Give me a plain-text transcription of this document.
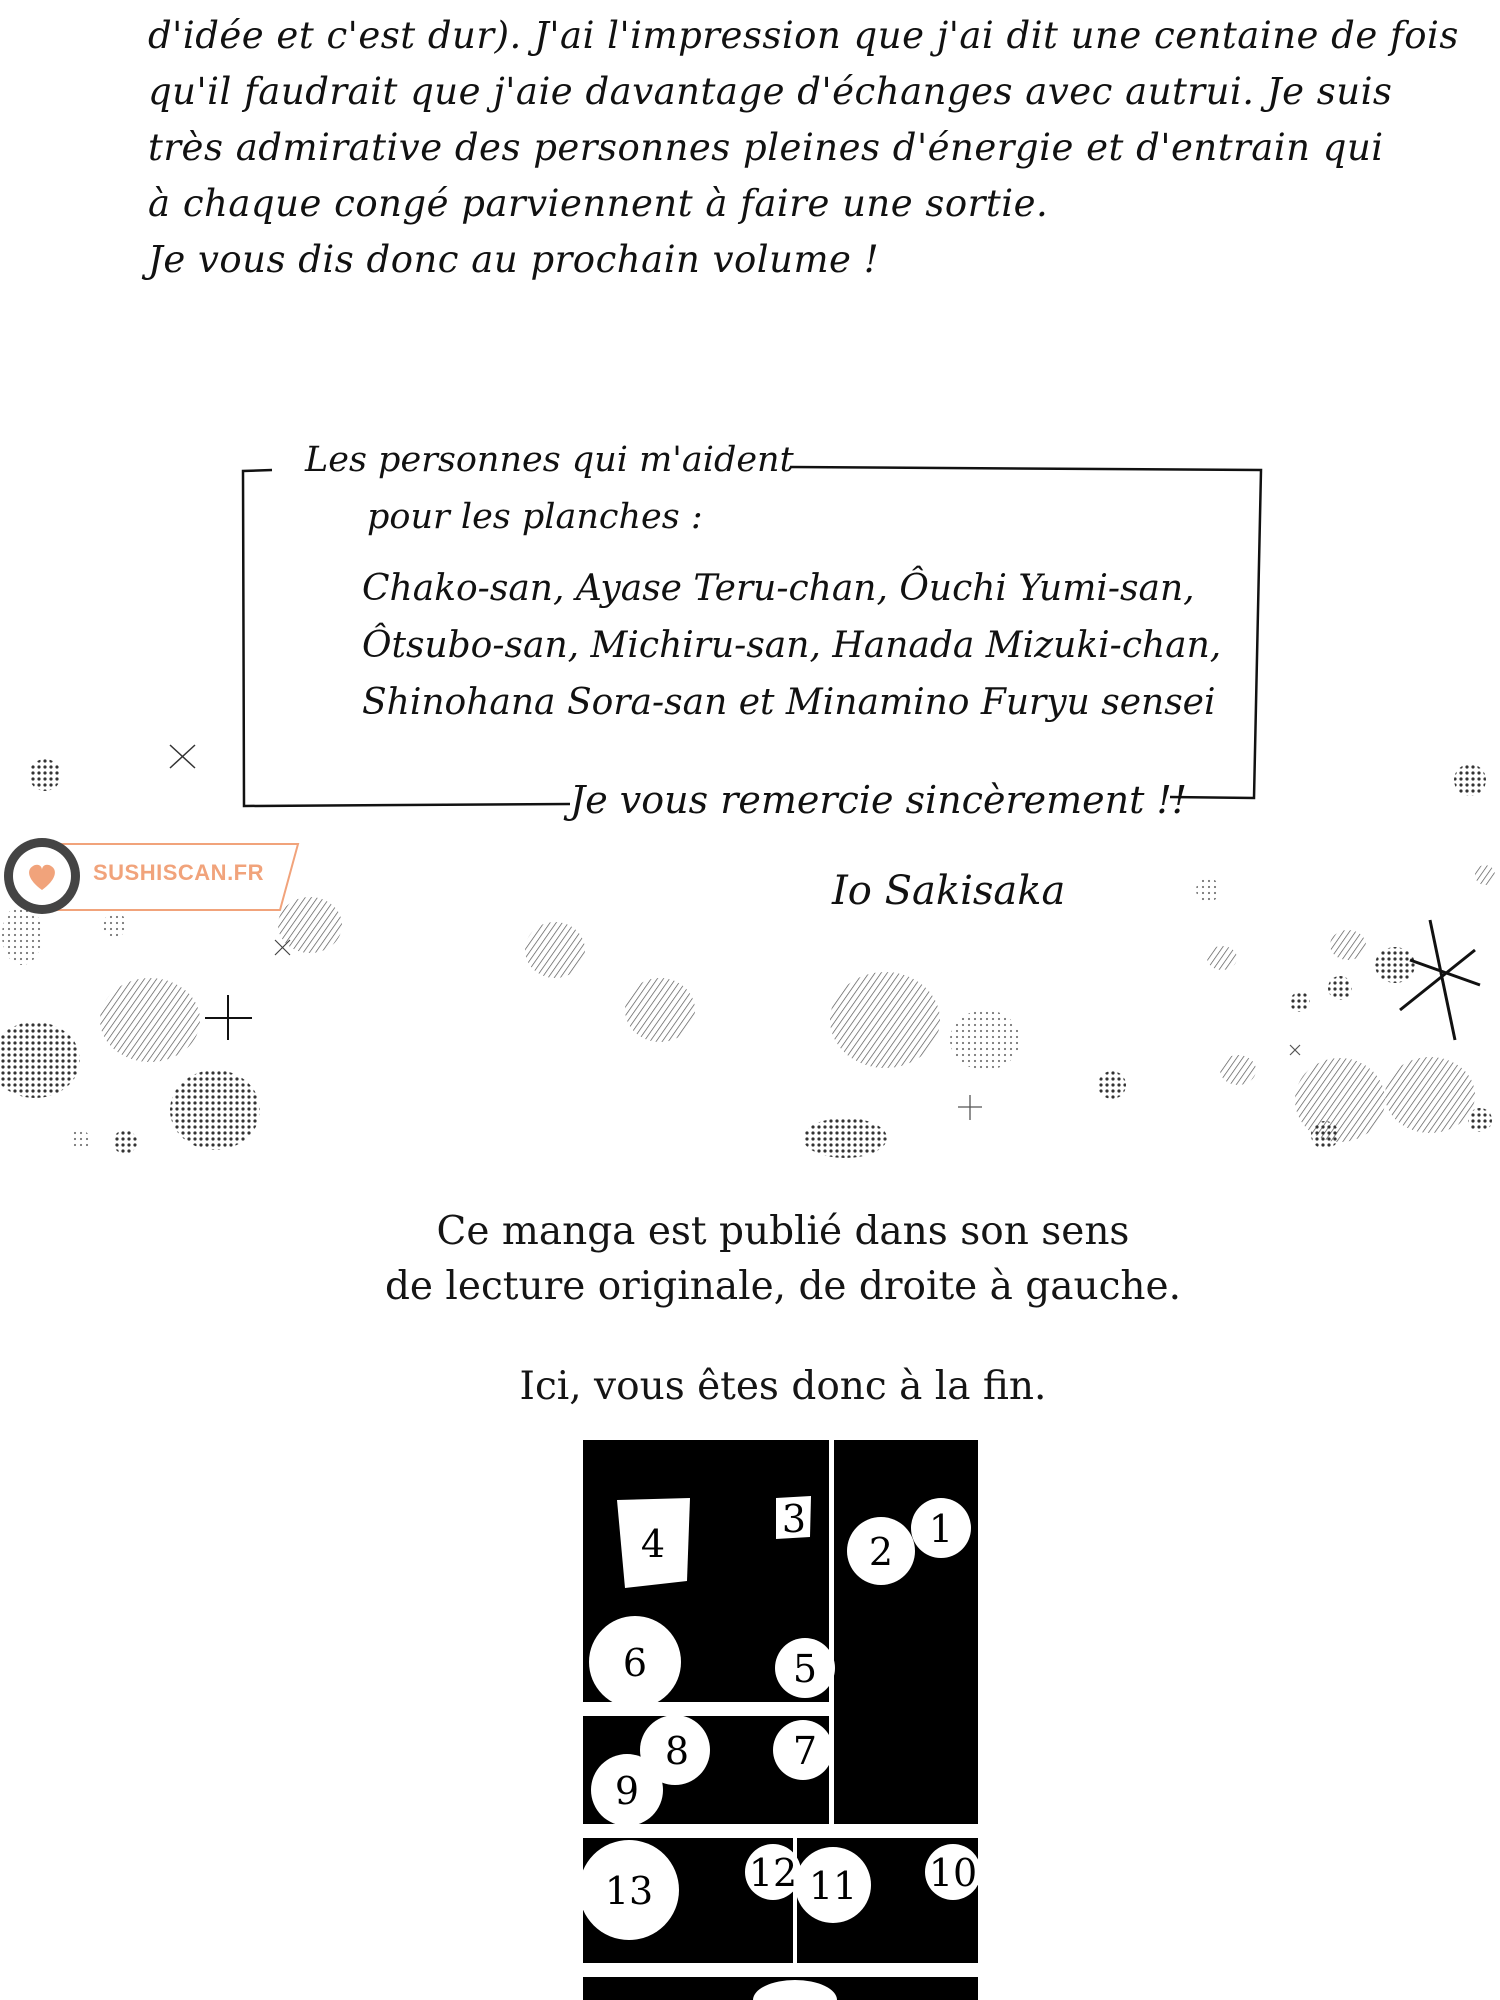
d'idée et c'est dur). J'ai l'impression que j'ai dit une centaine de fois
qu'il faudrait que j'aie davantage d'échanges avec autrui. Je suis
très admirative des personnes pleines d'énergie et d'entrain qui
à chaque congé parviennent à faire une sortie.
Je vous dis donc au prochain volume !
Les personnes qui m'aident
pour les planches :
Chako-san, Ayase Teru-chan, Ôuchi Yumi-san,
Ôtsubo-san, Michiru-san, Hanada Mizuki-chan,
Shinohana Sora-san et Minamino Furyu sensei
Je vous remercie sincèrement !!
Io Sakisaka
SUSHISCAN.FR
Ce manga est publié dans son sens
de lecture originale, de droite à gauche.
Ici, vous êtes donc à la fin.
4
3
2
1
6	5
8
9
7
13	12 11 10
